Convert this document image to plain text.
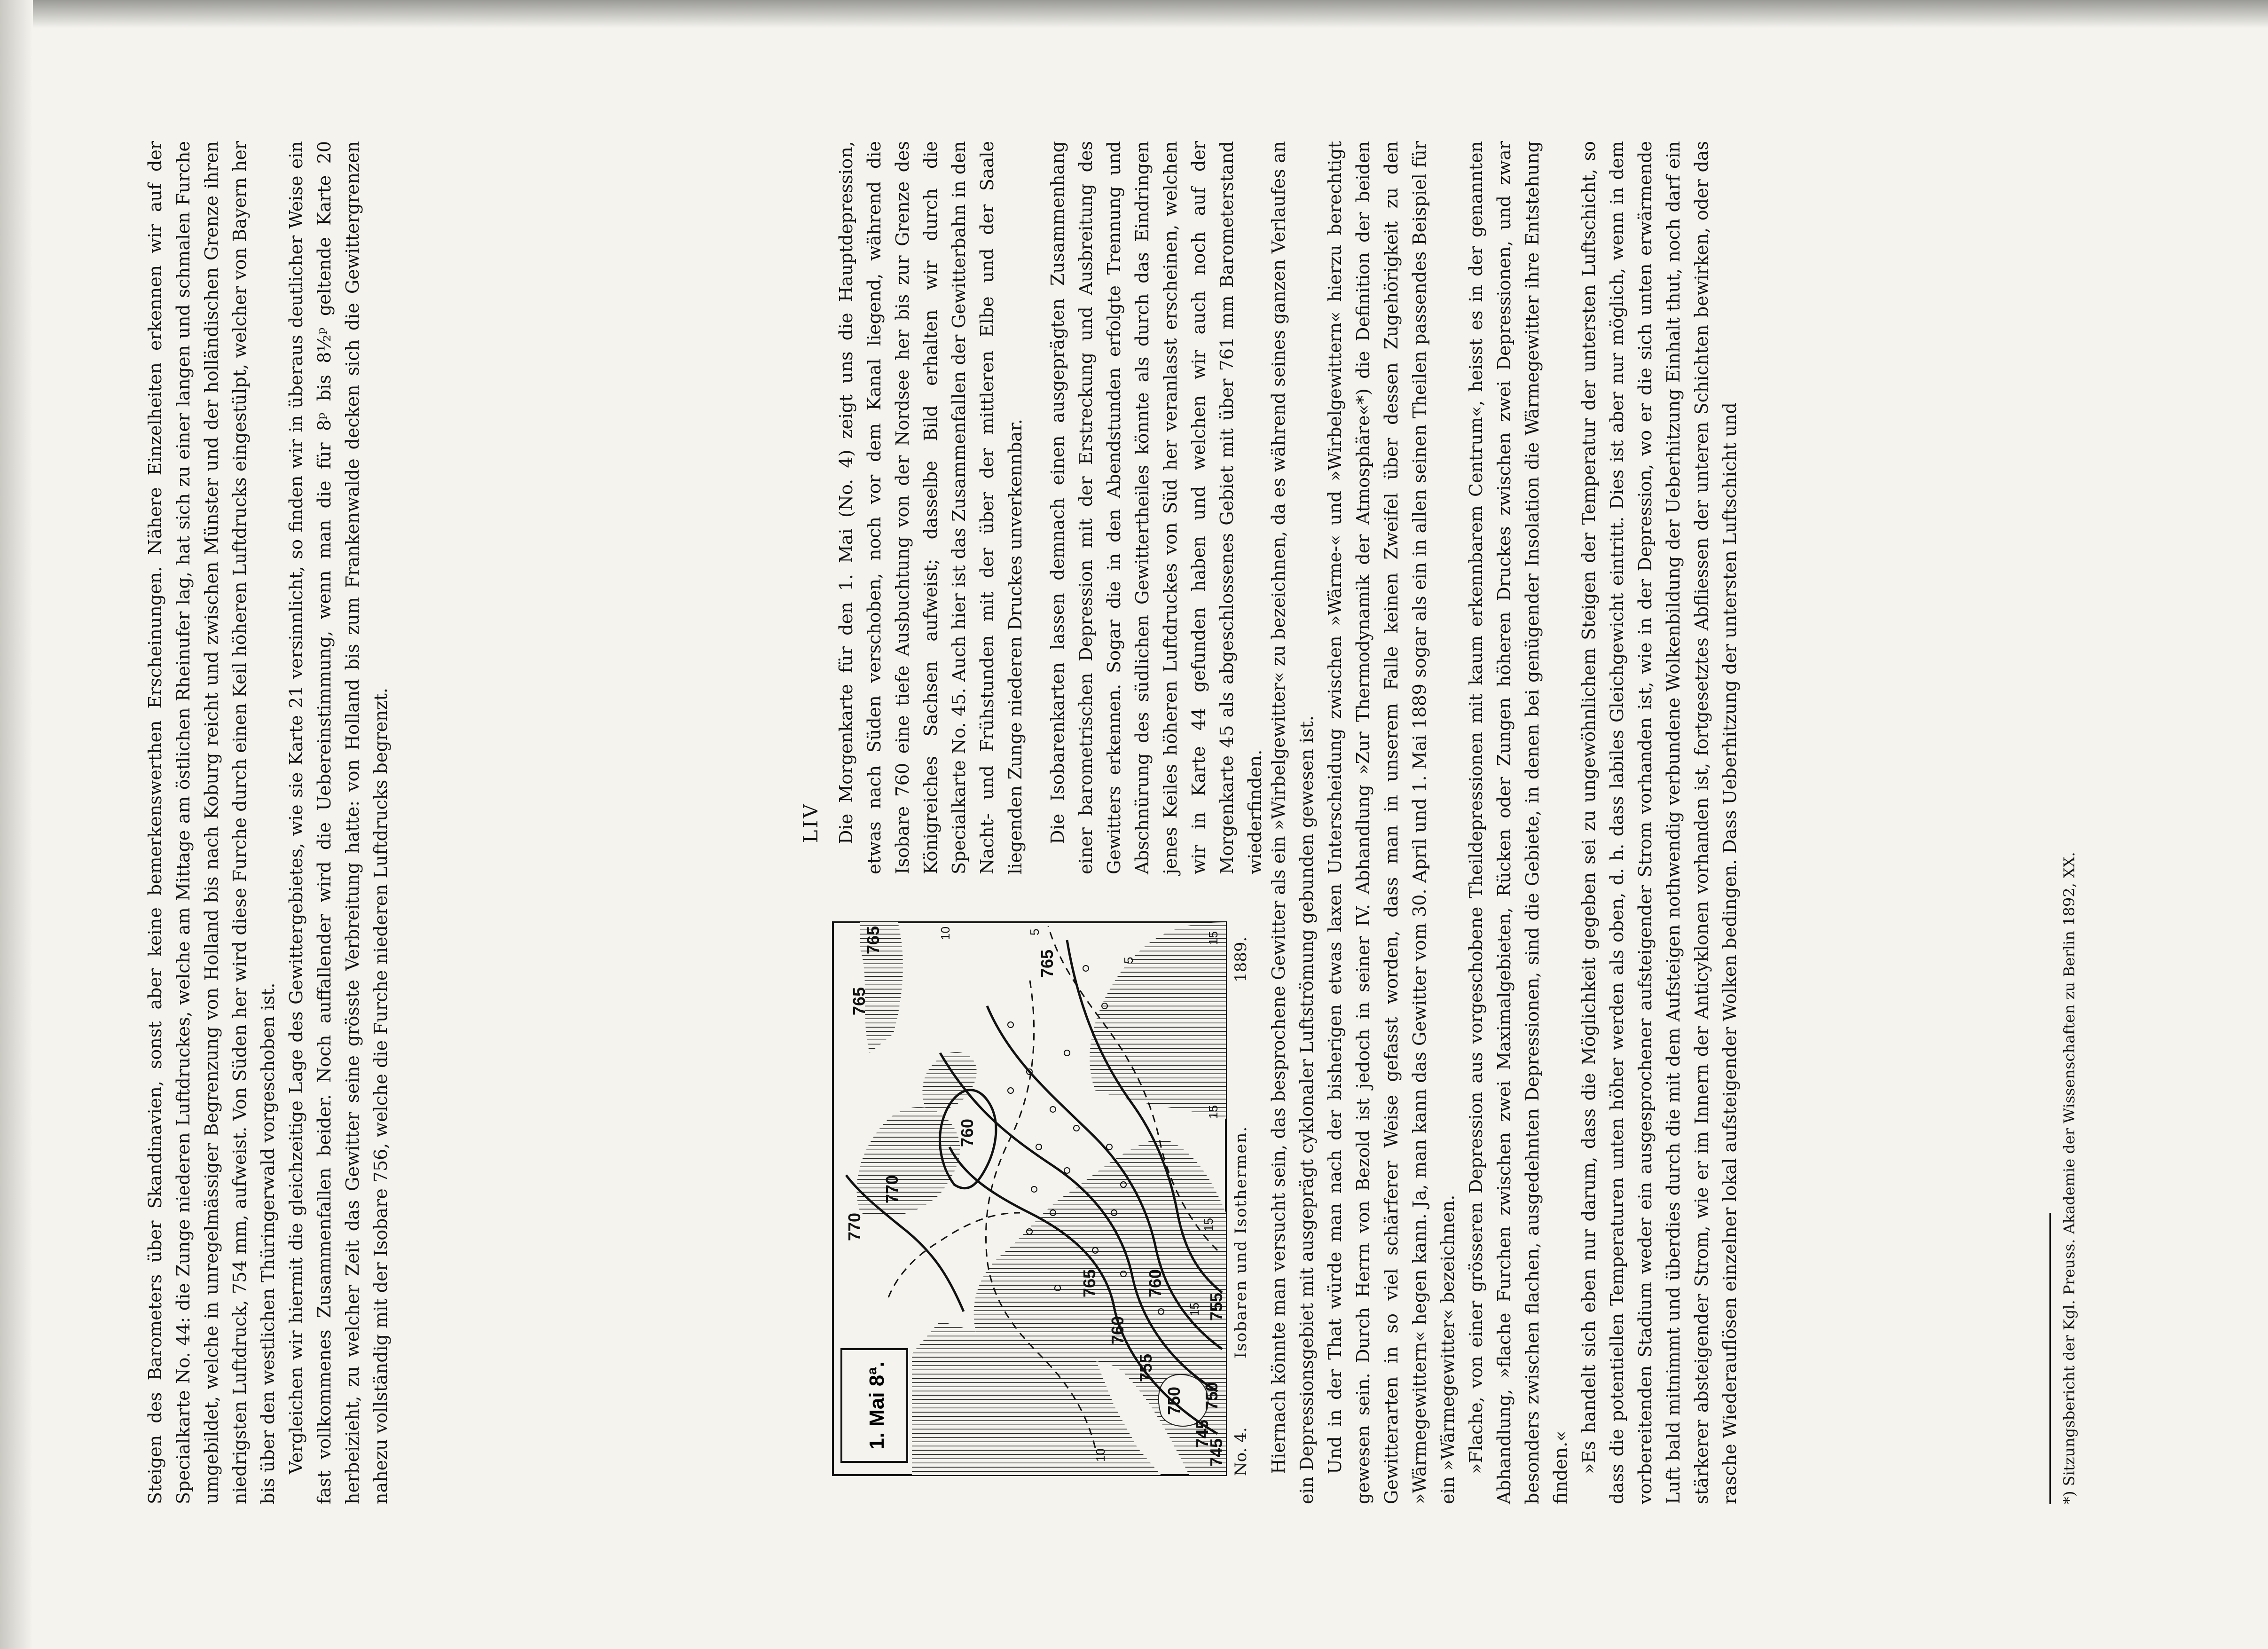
Steigen des Barometers über Skandinavien, sonst aber keine bemerkenswerthen Erscheinungen. Nähere Einzelheiten erkennen wir auf der Specialkarte No. 44: die Zunge niederen Luftdruckes, welche am Mittage am östlichen Rheinufer lag, hat sich zu einer langen und schmalen Furche umgebildet, welche in unregelmässiger Begrenzung von Holland bis nach Koburg reicht und zwischen Münster und der holländischen Grenze ihren niedrigsten Luftdruck, 754 mm, aufweist. Von Süden her wird diese Furche durch einen Keil höheren Luftdrucks eingestülpt, welcher von Bayern her bis über den westlichen Thüringerwald vorgeschoben ist. Vergleichen wir hiermit die gleichzeitige Lage des Gewittergebietes, wie sie Karte 21 versinnlicht, so finden wir in überaus deutlicher Weise ein fast vollkommenes Zusammenfallen beider. Noch auffallender wird die Uebereinstimmung, wenn man die für 8ᵖ bis 8½ᵖ geltende Karte 20 herbeizieht, zu welcher Zeit das Gewitter seine grösste Verbreitung hatte: von Holland bis zum Frankenwalde decken sich die Gewittergrenzen nahezu vollständig mit der Isobare 756, welche die Furche niederen Luftdrucks begrenzt.	LIV
1. Mai 8ª.	745
750
755
760
765
770
760
765
770
765
765
750
745
755
760
10
5
5
10	15
15
15
15
No. 4.
Isobaren und Isothermen.
1889.

Die Morgenkarte für den 1. Mai (No. 4) zeigt uns die Hauptdepression, etwas nach Süden verschoben, noch vor dem Kanal liegend, während die Isobare 760 eine tiefe Ausbuchtung von der Nordsee her bis zur Grenze des Königreiches Sachsen aufweist; dasselbe Bild erhalten wir durch die Specialkarte No. 45. Auch hier ist das Zusammenfallen der Gewitterbahn in den Nacht- und Frühstunden mit der über der mittleren Elbe und der Saale liegenden Zunge niederen Druckes unverkennbar. Die Isobarenkarten lassen demnach einen ausgeprägten Zusammenhang einer barometrischen Depression mit der Erstreckung und Ausbreitung des Gewitters erkennen. Sogar die in den Abendstunden erfolgte Trennung und Abschnürung des südlichen Gewittertheiles könnte als durch das Eindringen jenes Keiles höheren Luftdruckes von Süd her veranlasst erscheinen, welchen wir in Karte 44 gefunden haben und welchen wir auch noch auf der Morgenkarte 45 als abgeschlossenes Gebiet mit über 761 mm Barometerstand wiederfinden. Hiernach könnte man versucht sein, das besprochene Gewitter als ein »Wirbelgewitter« zu bezeichnen, da es während seines ganzen Verlaufes an ein Depressionsgebiet mit ausgeprägt cyklonaler Luftströmung gebunden gewesen ist. Und in der That würde man nach der bisherigen etwas laxen Unterscheidung zwischen »Wärme-« und »Wirbelgewittern« hierzu berechtigt gewesen sein. Durch Herrn von Bezold ist jedoch in seiner IV. Abhandlung »Zur Thermodynamik der Atmosphäre«*) die Definition der beiden Gewitterarten in so viel schärferer Weise gefasst worden, dass man in unserem Falle keinen Zweifel über dessen Zugehörigkeit zu den »Wärmegewittern« hegen kann. Ja, man kann das Gewitter vom 30. April und 1. Mai 1889 sogar als ein in allen seinen Theilen passendes Beispiel für ein »Wärmegewitter« bezeichnen. »Flache, von einer grösseren Depression aus vorgeschobene Theildepressionen mit kaum erkennbarem Centrum«, heisst es in der genannten Abhandlung, »flache Furchen zwischen zwei Maximalgebieten, Rücken oder Zungen höheren Druckes zwischen zwei Depressionen, und zwar besonders zwischen flachen, ausgedehnten Depressionen, sind die Gebiete, in denen bei genügender Insolation die Wärmegewitter ihre Entstehung finden.« »Es handelt sich eben nur darum, dass die Möglichkeit gegeben sei zu ungewöhnlichem Steigen der Temperatur der untersten Luftschicht, so dass die potentiellen Temperaturen unten höher werden als oben, d. h. dass labiles Gleichgewicht eintritt. Dies ist aber nur möglich, wenn in dem vorbereitenden Stadium weder ein ausgesprochener aufsteigender Strom vorhanden ist, wie in der Depression, wo er die sich unten erwärmende Luft bald mitnimmt und überdies durch die mit dem Aufsteigen nothwendig verbundene Wolkenbildung der Ueberhitzung Einhalt thut, noch darf ein stärkerer absteigender Strom, wie er im Innern der Anticyklonen vorhanden ist, fortgesetztes Abfliessen der unteren Schichten bewirken, oder das rasche Wiederauflösen einzelner lokal aufsteigender Wolken bedingen. Dass Ueberhitzung der untersten Luftschicht und	*) Sitzungsbericht der Kgl. Preuss. Akademie der Wissenschaften zu Berlin 1892, XX.
